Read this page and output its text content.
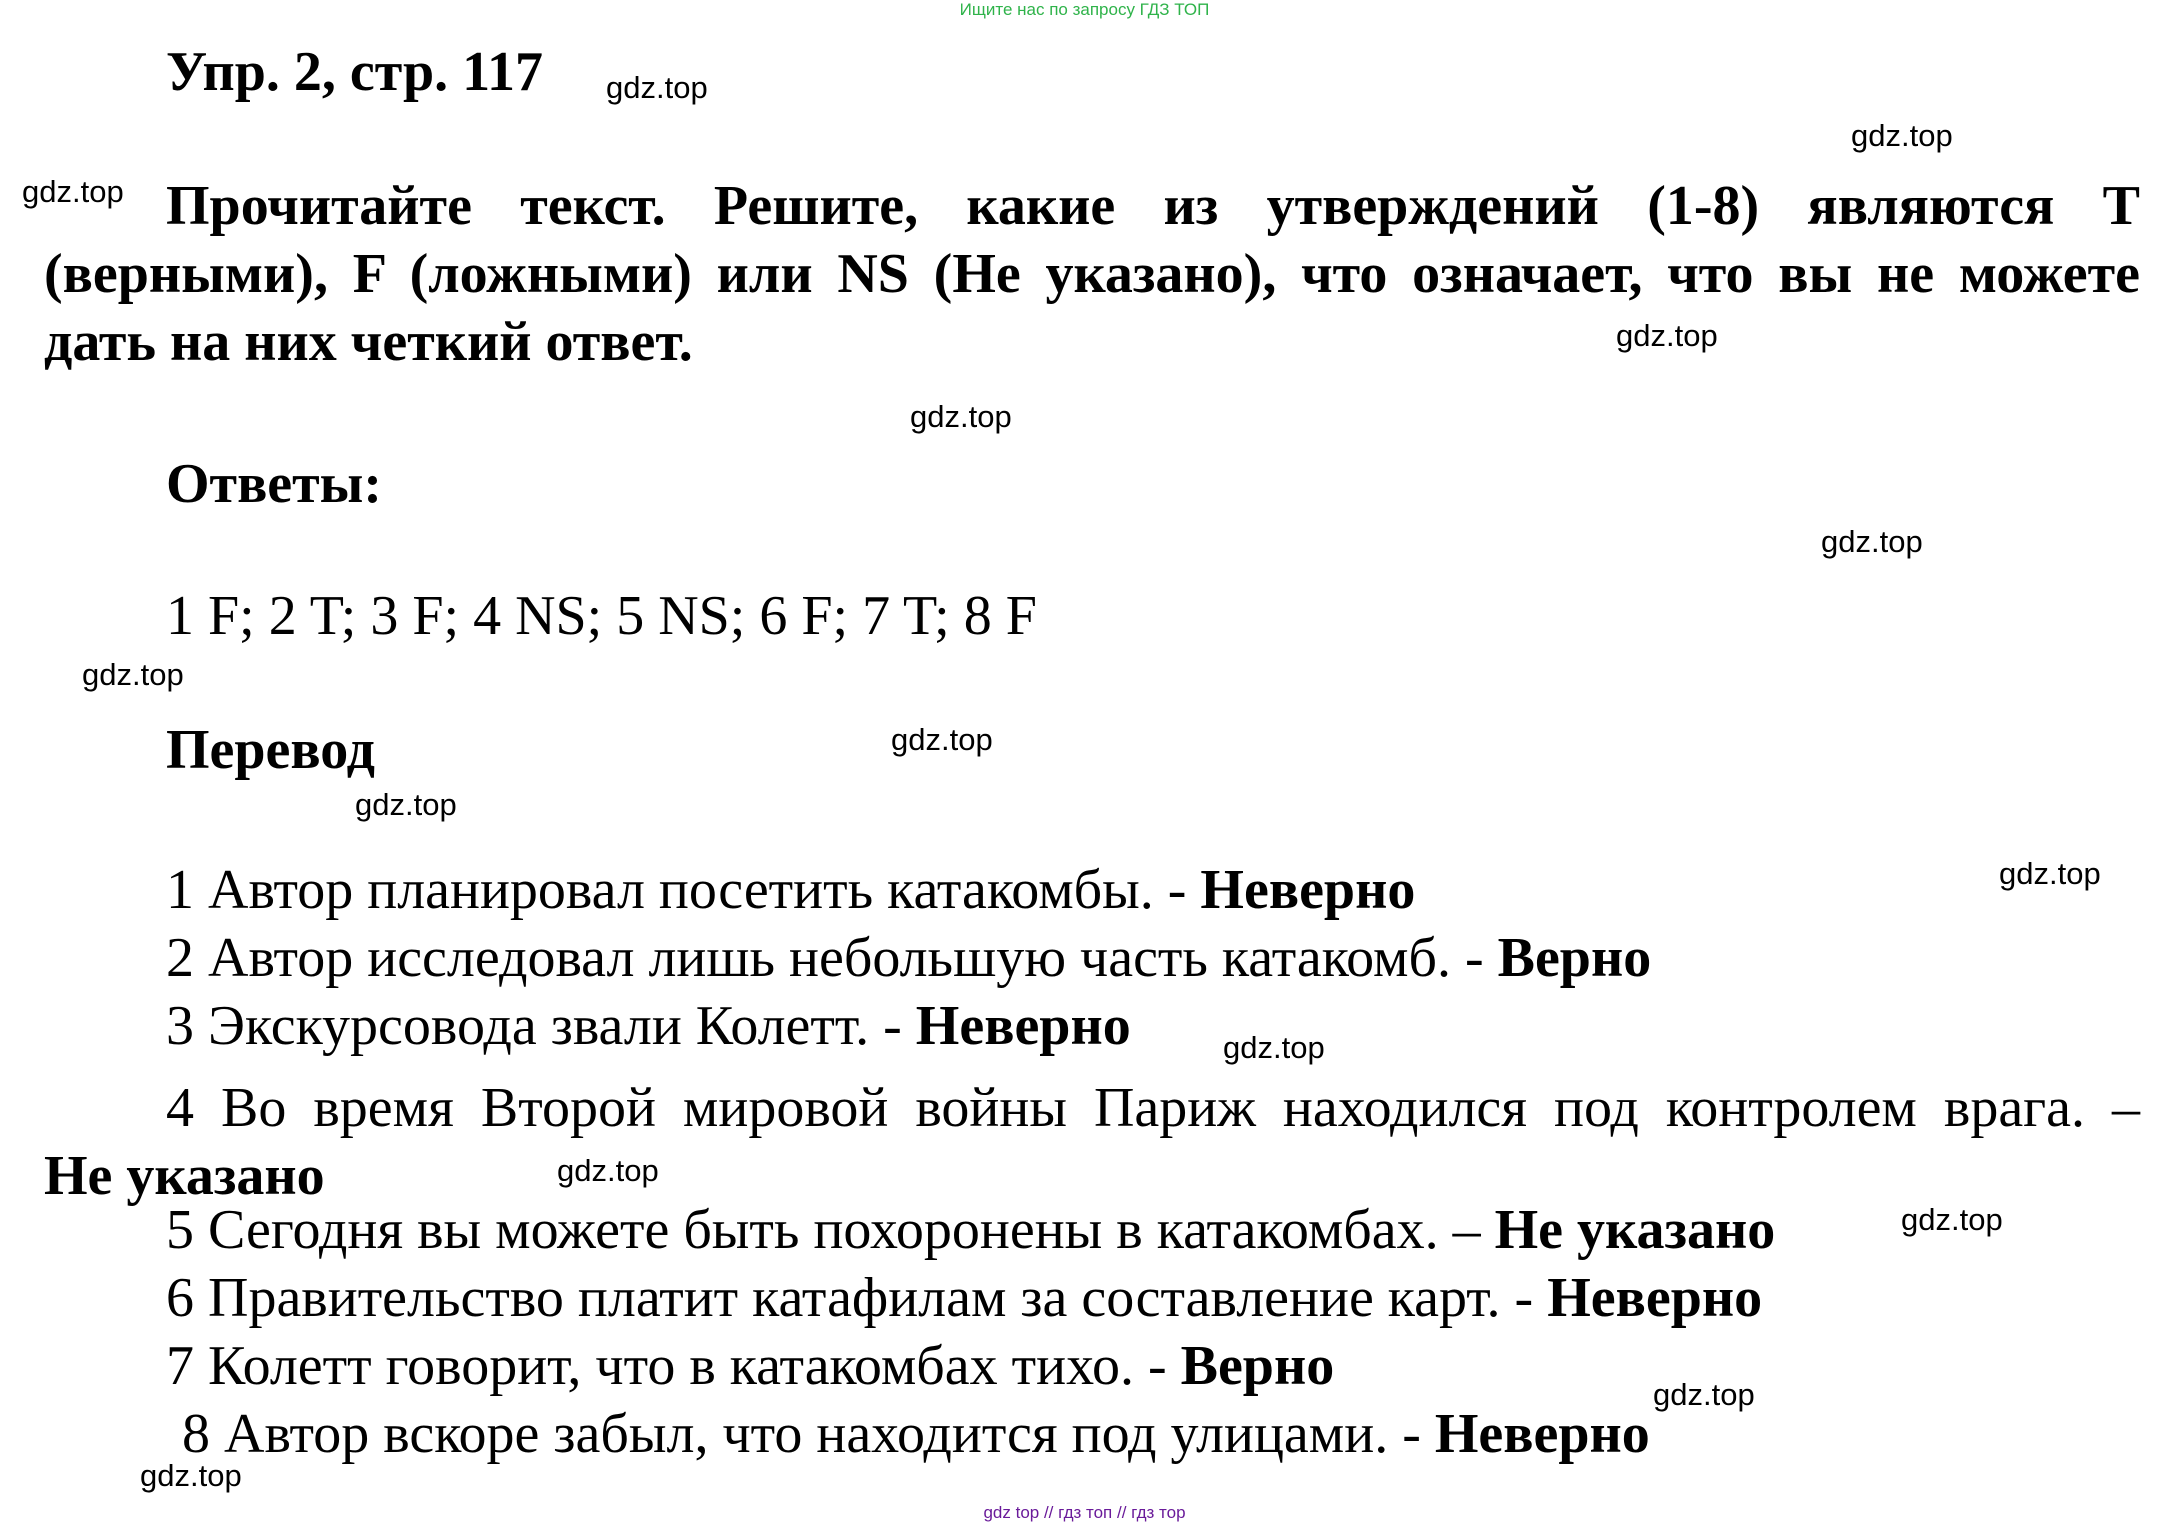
Ищите нас по запросу ГДЗ ТОП
Упр. 2, стр. 117 gdz.top
gdz.top
gdz.top
gdz.top
gdz.top
gdz.top
gdz.top
gdz.top
gdz.top
gdz.top
gdz.top
gdz.top
gdz.top
gdz.top
gdz.top
Прочитайте текст. Решите, какие из утверждений (1-8) являются T
(верными), F (ложными) или NS (Не указано), что означает, что вы не можете
дать на них четкий ответ.
Ответы:
1 F; 2 T; 3 F; 4 NS; 5 NS; 6 F; 7 T; 8 F
Перевод
1 Автор планировал посетить катакомбы. - Неверно
2 Автор исследовал лишь небольшую часть катакомб. - Верно
3 Экскурсовода звали Колетт. - Неверно
4 Во время Второй мировой войны Париж находился под контролем врага. –
Не указано
5 Сегодня вы можете быть похоронены в катакомбах. – Не указано
6 Правительство платит катафилам за составление карт. - Неверно
7 Колетт говорит, что в катакомбах тихо. - Верно
8 Автор вскоре забыл, что находится под улицами. - Неверно
gdz top // гдз топ // гдз тор
